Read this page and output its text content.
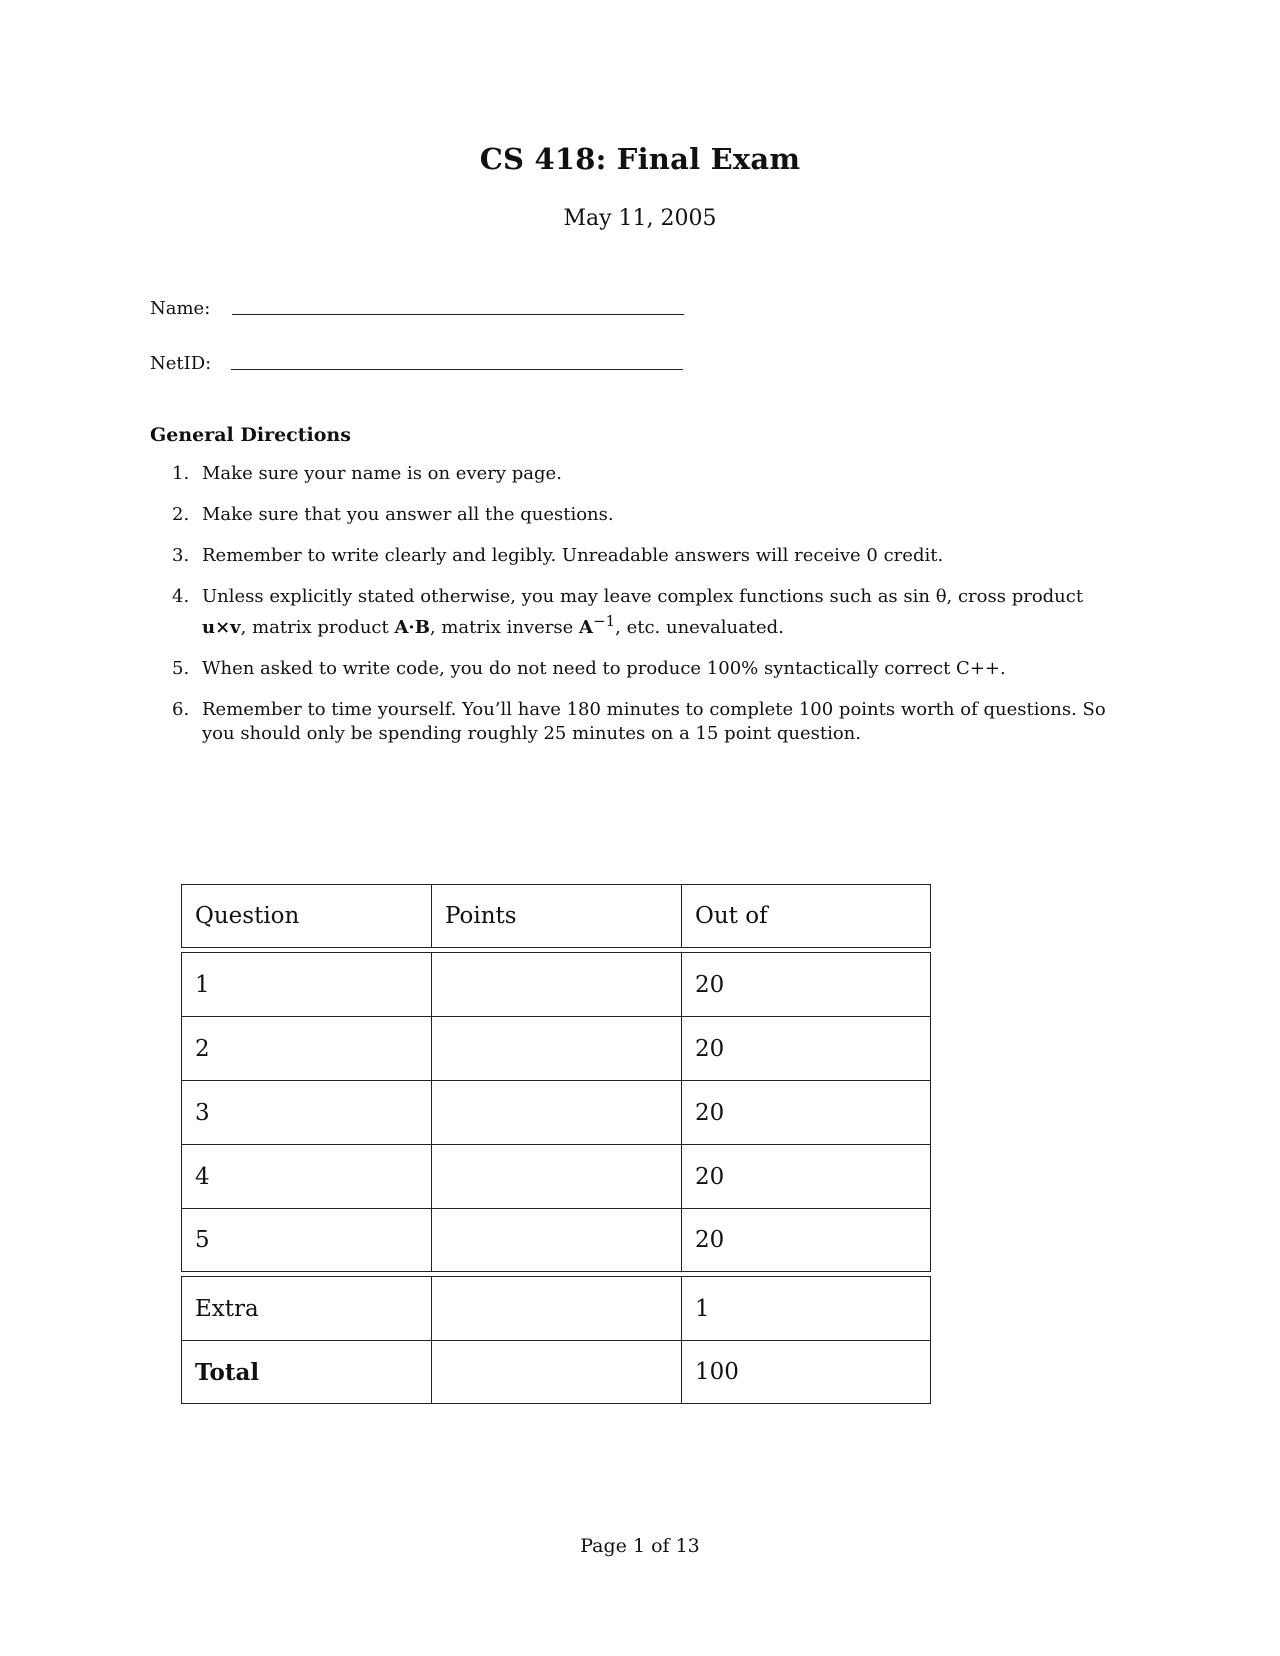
CS 418: Final Exam
May 11, 2005
Name:
NetID:
General Directions
1. Make sure your name is on every page.
2. Make sure that you answer all the questions.
3. Remember to write clearly and legibly. Unreadable answers will receive 0 credit.
4. Unless explicitly stated otherwise, you may leave complex functions such as sin θ, cross product u×v, matrix product A·B, matrix inverse $A^{-1}$, etc. unevaluated.
5. When asked to write code, you do not need to produce 100% syntactically correct C++.
6. Remember to time yourself. You’ll have 180 minutes to complete 100 points worth of questions. So you should only be spending roughly 25 minutes on a 15 point question.
Question	Points	Out of

1		20
2		20
3		20
4		20
5		20

Extra		1
Total		100
Page 1 of 13
